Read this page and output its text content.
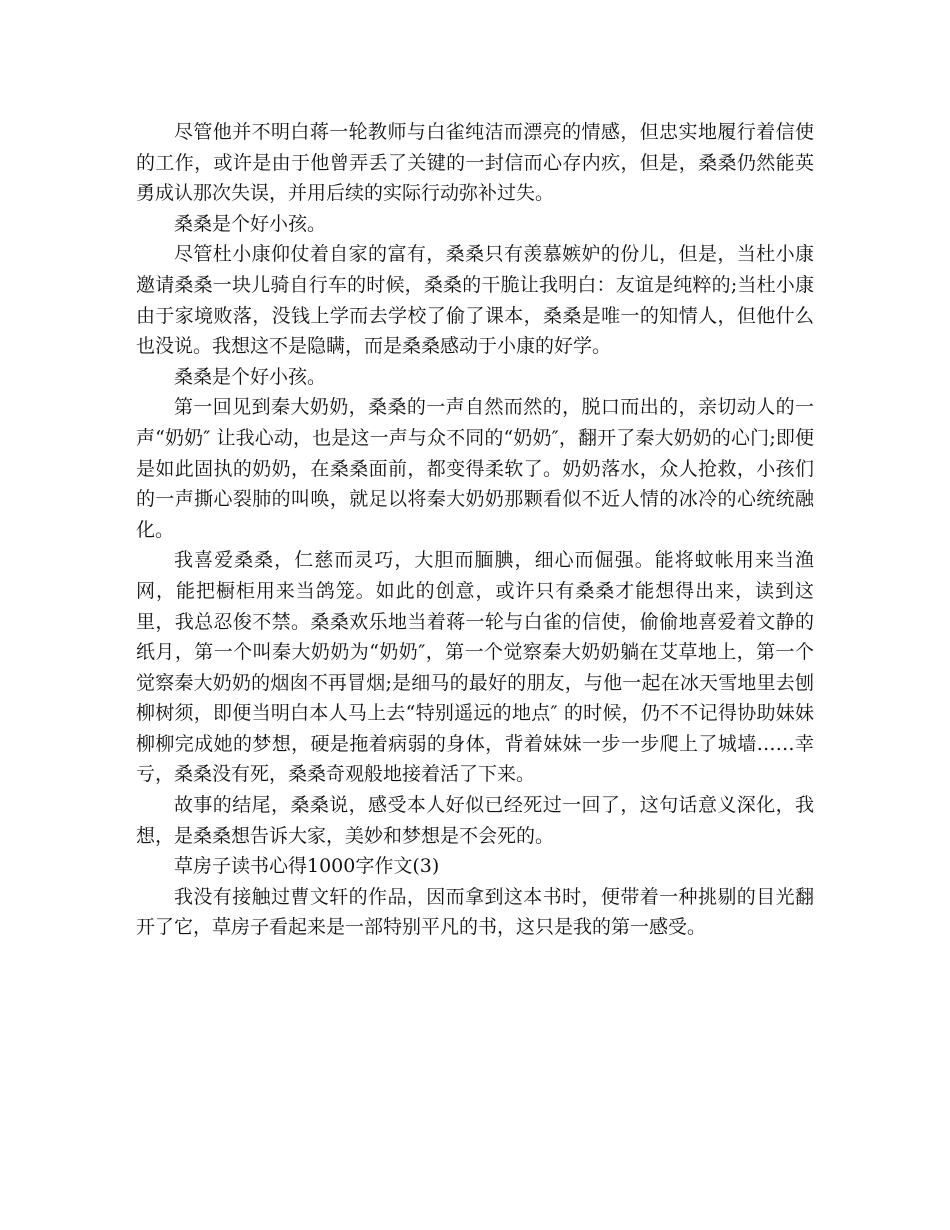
尽管他并不明白蒋一轮教师与白雀纯洁而漂亮的情感，但忠实地履行着信使的工作，或许是由于他曾弄丢了关键的一封信而心存内疚，但是，桑桑仍然能英勇成认那次失误，并用后续的实际行动弥补过失。

桑桑是个好小孩。

尽管杜小康仰仗着自家的富有，桑桑只有羡慕嫉妒的份儿，但是，当杜小康邀请桑桑一块儿骑自行车的时候，桑桑的干脆让我明白：友谊是纯粹的;当杜小康由于家境败落，没钱上学而去学校了偷了课本，桑桑是唯一的知情人，但他什么也没说。我想这不是隐瞒，而是桑桑感动于小康的好学。

桑桑是个好小孩。

第一回见到秦大奶奶，桑桑的一声自然而然的，脱口而出的，亲切动人的一声“奶奶″ 让我心动，也是这一声与众不同的“奶奶″，翻开了秦大奶奶的心门;即便是如此固执的奶奶，在桑桑面前，都变得柔软了。奶奶落水，众人抢救，小孩们的一声撕心裂肺的叫唤，就足以将秦大奶奶那颗看似不近人情的冰冷的心统统融化。

我喜爱桑桑，仁慈而灵巧，大胆而腼腆，细心而倔强。能将蚊帐用来当渔网，能把橱柜用来当鸽笼。如此的创意，或许只有桑桑才能想得出来，读到这里，我总忍俊不禁。桑桑欢乐地当着蒋一轮与白雀的信使，偷偷地喜爱着文静的纸月，第一个叫秦大奶奶为“奶奶″，第一个觉察秦大奶奶躺在艾草地上，第一个觉察秦大奶奶的烟囱不再冒烟;是细马的最好的朋友，与他一起在冰天雪地里去刨柳树须，即便当明白本人马上去“特别遥远的地点″ 的时候，仍不不记得协助妹妹柳柳完成她的梦想，硬是拖着病弱的身体，背着妹妹一步一步爬上了城墙……幸亏，桑桑没有死，桑桑奇观般地接着活了下来。

故事的结尾，桑桑说，感受本人好似已经死过一回了，这句话意义深化，我想，是桑桑想告诉大家，美妙和梦想是不会死的。

草房子读书心得1000字作文(3)

我没有接触过曹文轩的作品，因而拿到这本书时，便带着一种挑剔的目光翻开了它，草房子看起来是一部特别平凡的书，这只是我的第一感受。
